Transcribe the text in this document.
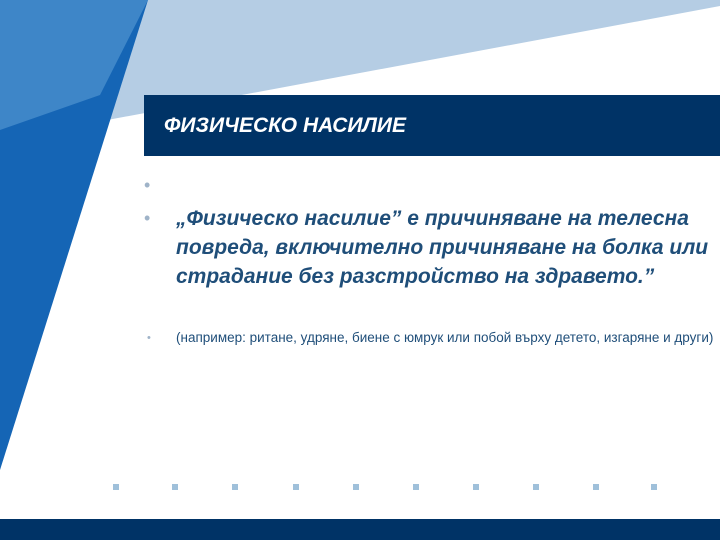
ФИЗИЧЕСКО НАСИЛИЕ
•
• „Физическо насилие” е причиняване на телесна повреда, включително причиняване на болка или страдание без разстройство на здравето.”
• (например: ритане, удряне, биене с юмрук или побой върху детето, изгаряне и други)
